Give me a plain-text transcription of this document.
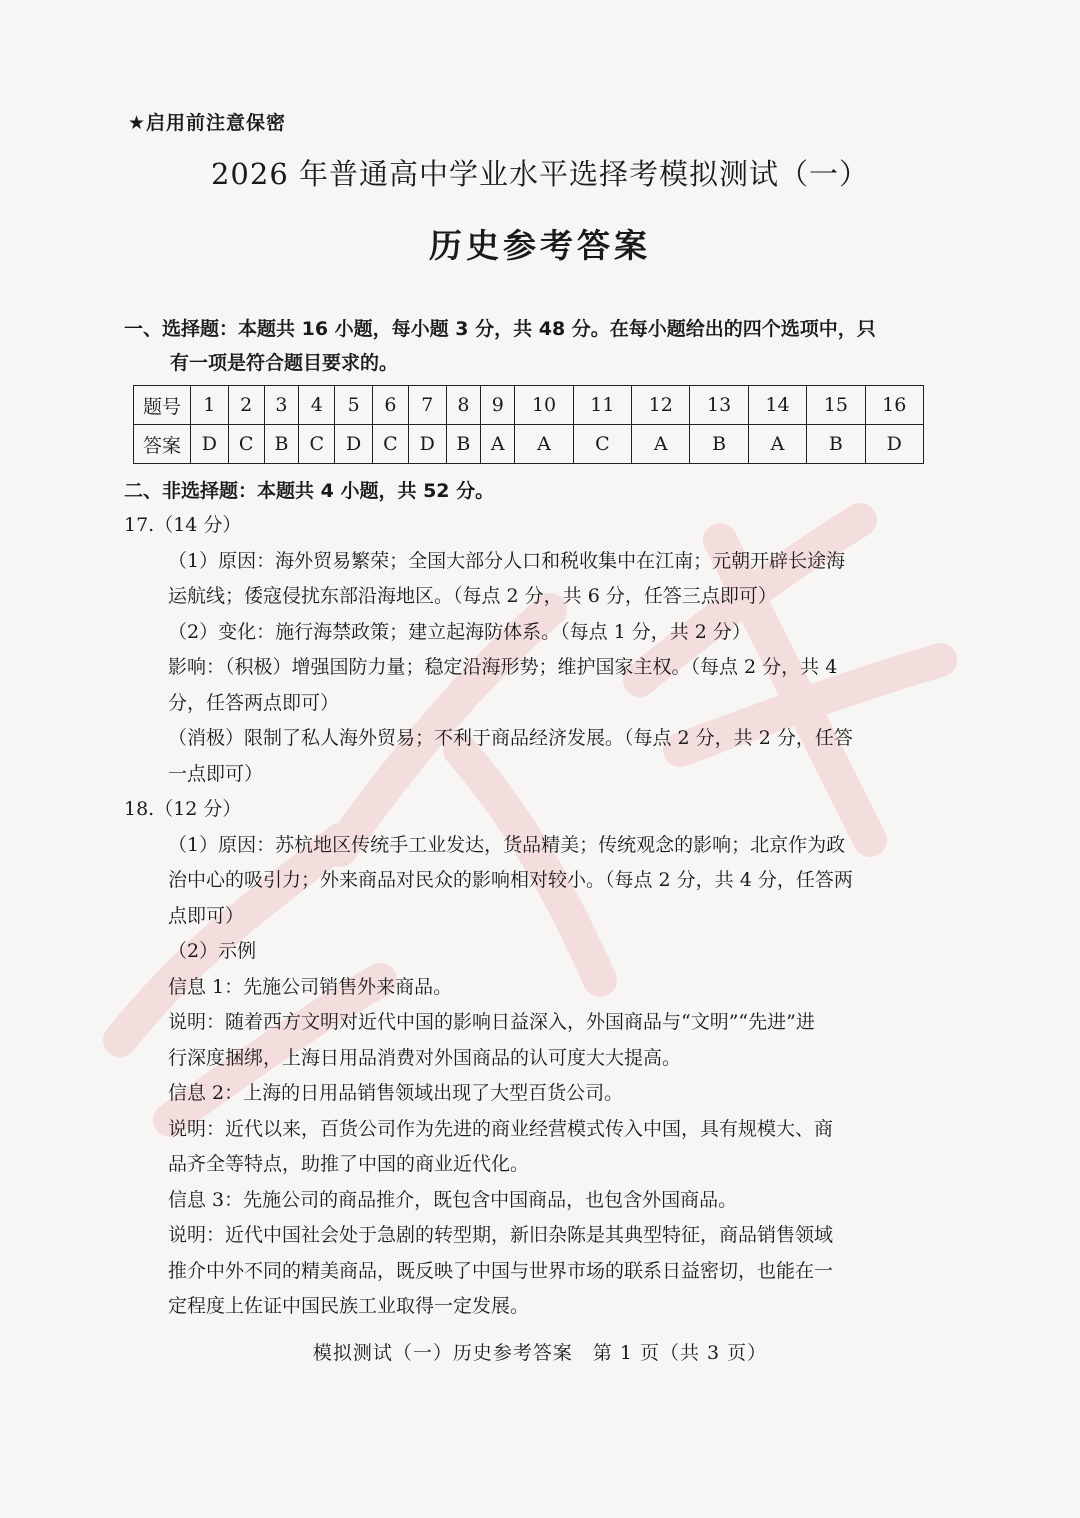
★启用前注意保密
2026 年普通高中学业水平选择考模拟测试（一）
历史参考答案
一、选择题：本题共 16 小题，每小题 3 分，共 48 分。在每小题给出的四个选项中，只
有一项是符合题目要求的。
题号	1	2	3	4	5	6	7	8	9	10	11	12	13	14	15	16
答案	D	C	B	C	D	C	D	B	A	A	C	A	B	A	B	D
二、非选择题：本题共 4 小题，共 52 分。

17.（14 分）

（1）原因：海外贸易繁荣；全国大部分人口和税收集中在江南；元朝开辟长途海

运航线；倭寇侵扰东部沿海地区。（每点 2 分，共 6 分，任答三点即可）

（2）变化：施行海禁政策；建立起海防体系。（每点 1 分，共 2 分）

影响：（积极）增强国防力量；稳定沿海形势；维护国家主权。（每点 2 分，共 4

分，任答两点即可）

（消极）限制了私人海外贸易；不利于商品经济发展。（每点 2 分，共 2 分，任答

一点即可）

18.（12 分）

（1）原因：苏杭地区传统手工业发达，货品精美；传统观念的影响；北京作为政

治中心的吸引力；外来商品对民众的影响相对较小。（每点 2 分，共 4 分，任答两

点即可）

（2）示例

信息 1：先施公司销售外来商品。

说明：随着西方文明对近代中国的影响日益深入，外国商品与“文明”“先进”进

行深度捆绑，上海日用品消费对外国商品的认可度大大提高。

信息 2：上海的日用品销售领域出现了大型百货公司。

说明：近代以来，百货公司作为先进的商业经营模式传入中国，具有规模大、商

品齐全等特点，助推了中国的商业近代化。

信息 3：先施公司的商品推介，既包含中国商品，也包含外国商品。

说明：近代中国社会处于急剧的转型期，新旧杂陈是其典型特征，商品销售领域

推介中外不同的精美商品，既反映了中国与世界市场的联系日益密切，也能在一

定程度上佐证中国民族工业取得一定发展。

模拟测试（一）历史参考答案　第 1 页（共 3 页）
